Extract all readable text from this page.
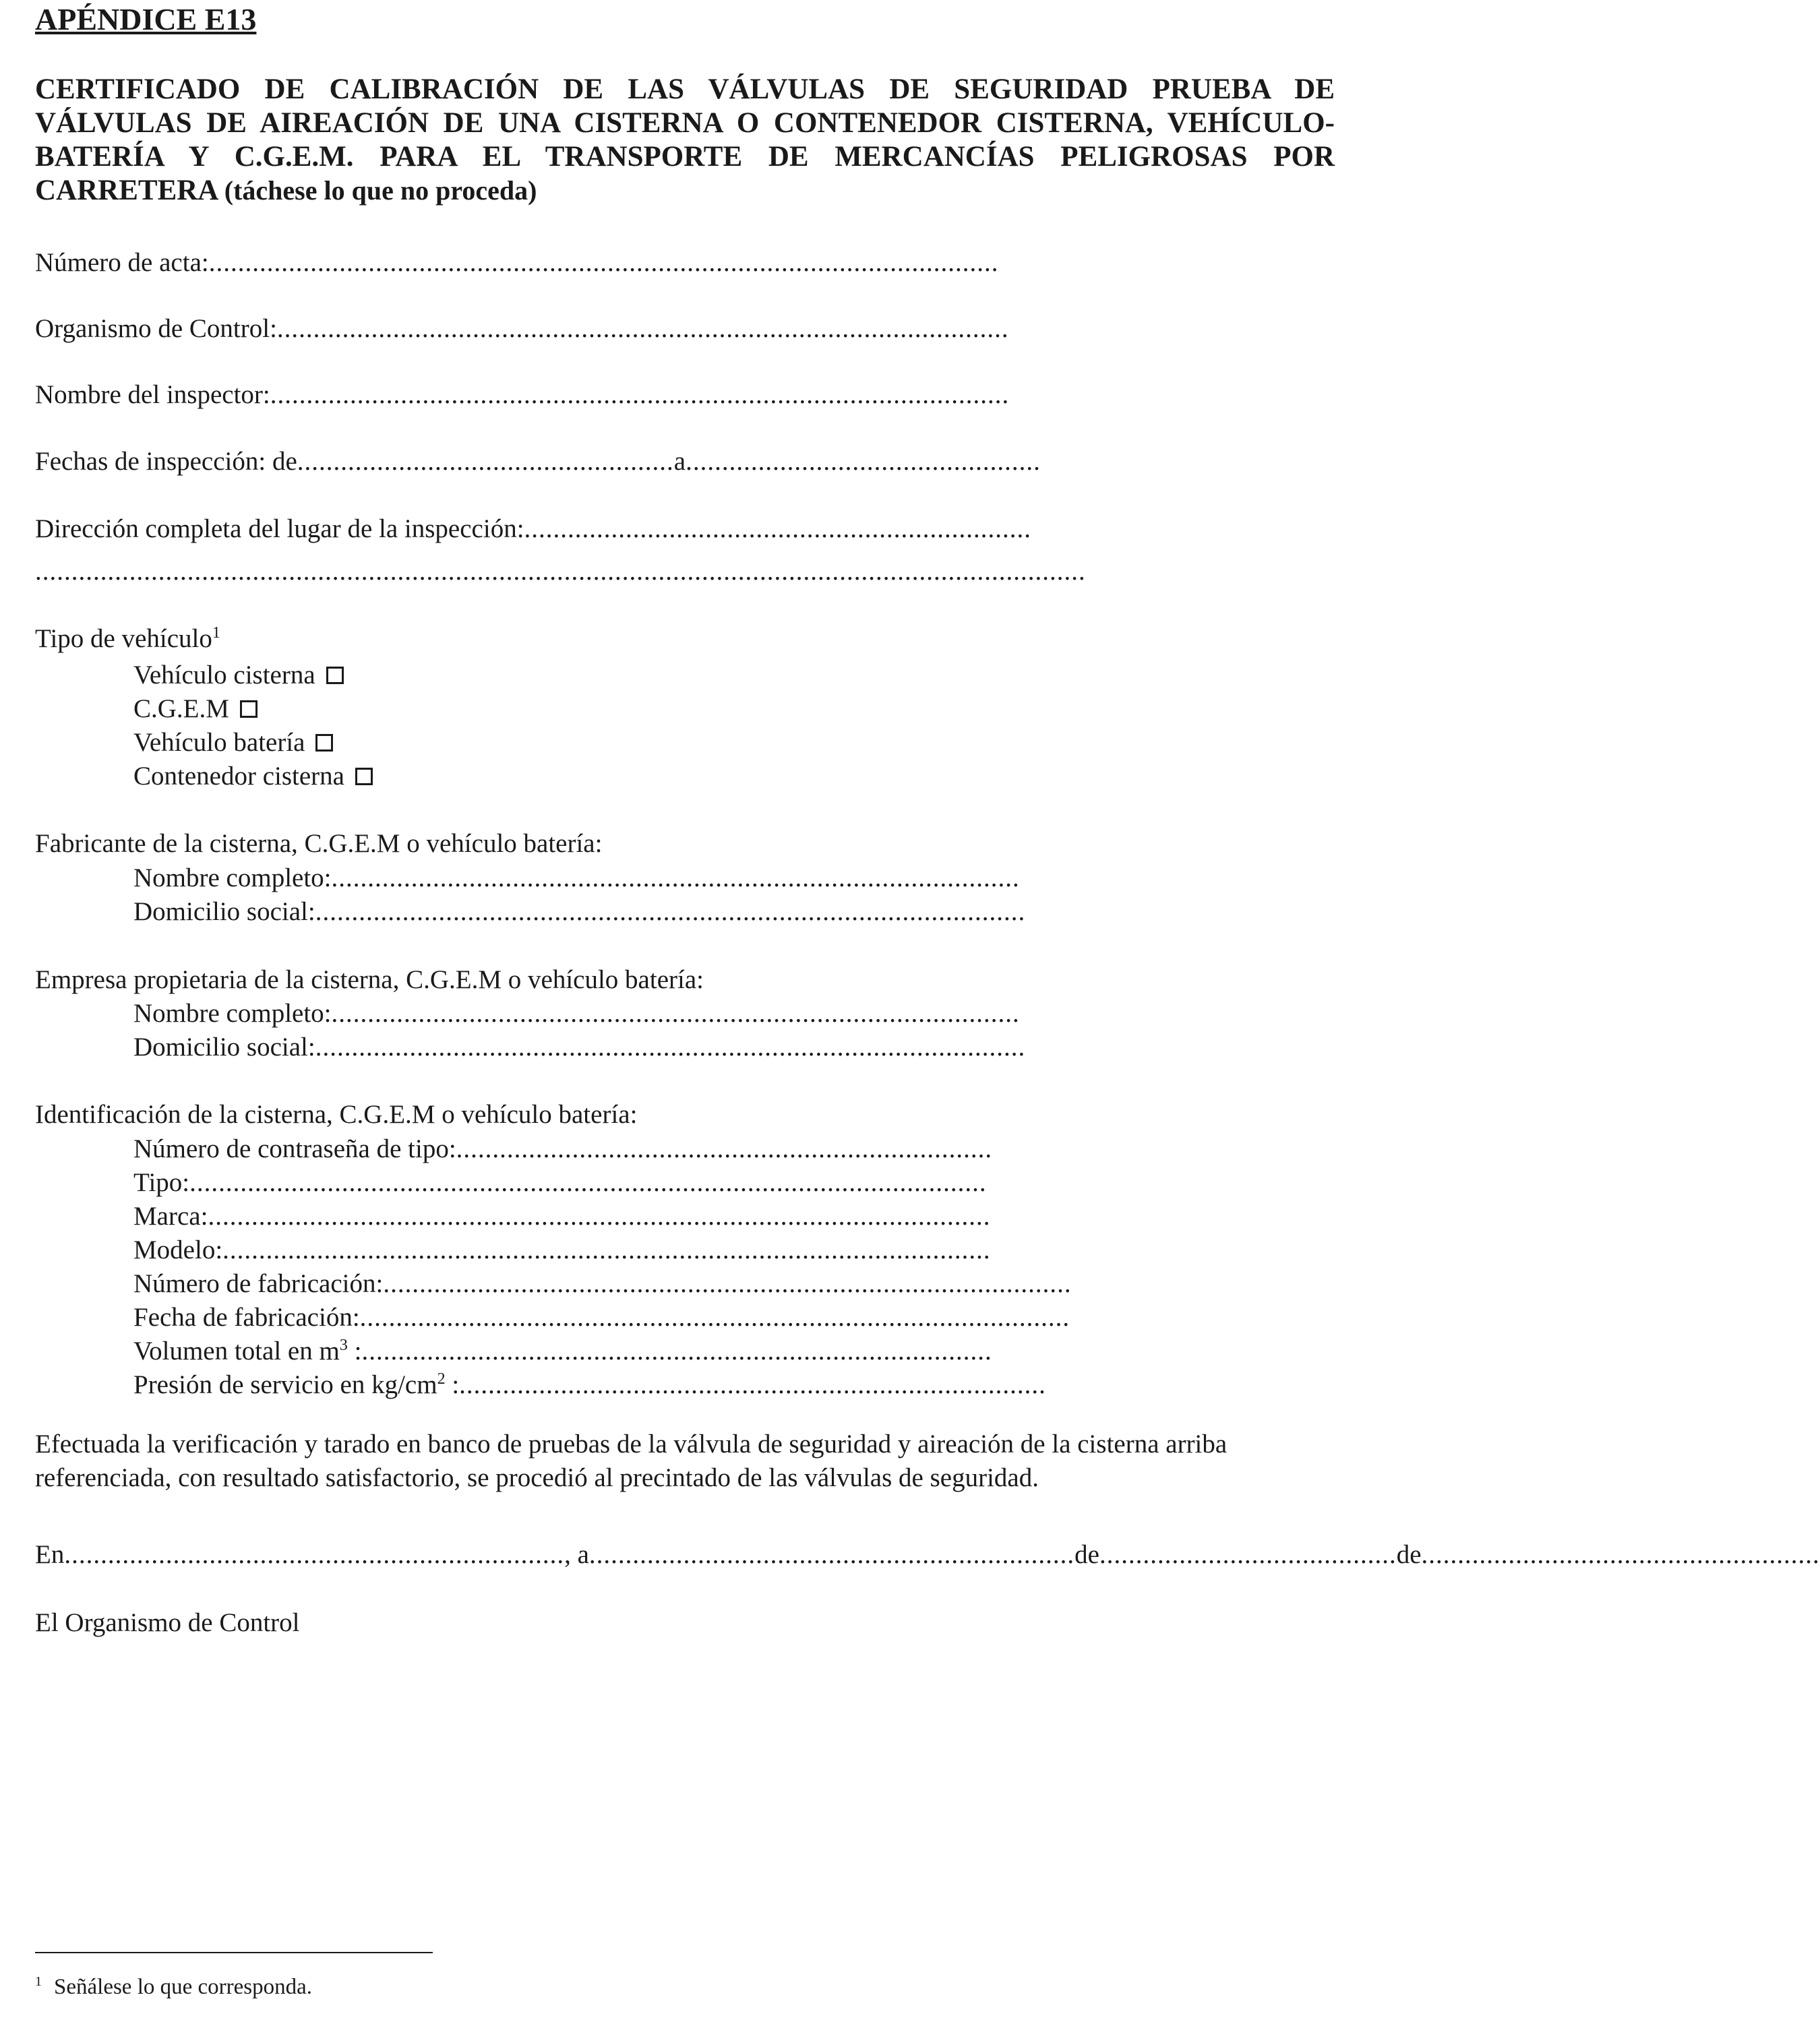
APÉNDICE E13
CERTIFICADO DE CALIBRACIÓN DE LAS VÁLVULAS DE SEGURIDAD PRUEBA DE VÁLVULAS DE AIREACIÓN DE UNA CISTERNA O CONTENEDOR CISTERNA, VEHÍCULO-BATERÍA Y C.G.E.M. PARA EL TRANSPORTE DE MERCANCÍAS PELIGROSAS POR CARRETERA (táchese lo que no proceda)
Número de acta:.............................................................................................................
Organismo de Control:.....................................................................................................
Nombre del inspector:......................................................................................................
Fechas de inspección: de....................................................a.................................................
Dirección completa del lugar de la inspección:......................................................................
.................................................................................................................................................
Tipo de vehículo$^1$
Vehículo cisterna
C.G.E.M
Vehículo batería
Contenedor cisterna
Fabricante de la cisterna, C.G.E.M o vehículo batería:
Nombre completo:...............................................................................................
Domicilio social:..................................................................................................
Empresa propietaria de la cisterna, C.G.E.M o vehículo batería:
Nombre completo:...............................................................................................
Domicilio social:..................................................................................................
Identificación de la cisterna, C.G.E.M o vehículo batería:
Número de contraseña de tipo:..........................................................................
Tipo:..............................................................................................................
Marca:............................................................................................................
Modelo:..........................................................................................................
Número de fabricación:...............................................................................................
Fecha de fabricación:..................................................................................................
Volumen total en $m^3$ :.......................................................................................
Presión de servicio en $kg/cm^2$ :.................................................................................
Efectuada la verificación y tarado en banco de pruebas de la válvula de seguridad y aireación de la cisterna arriba referenciada, con resultado satisfactorio, se procedió al precintado de las válvulas de seguridad.
En....................................................................., a...................................................................de.........................................de.......................................................
El Organismo de Control
$^1$ Señálese lo que corresponda.
